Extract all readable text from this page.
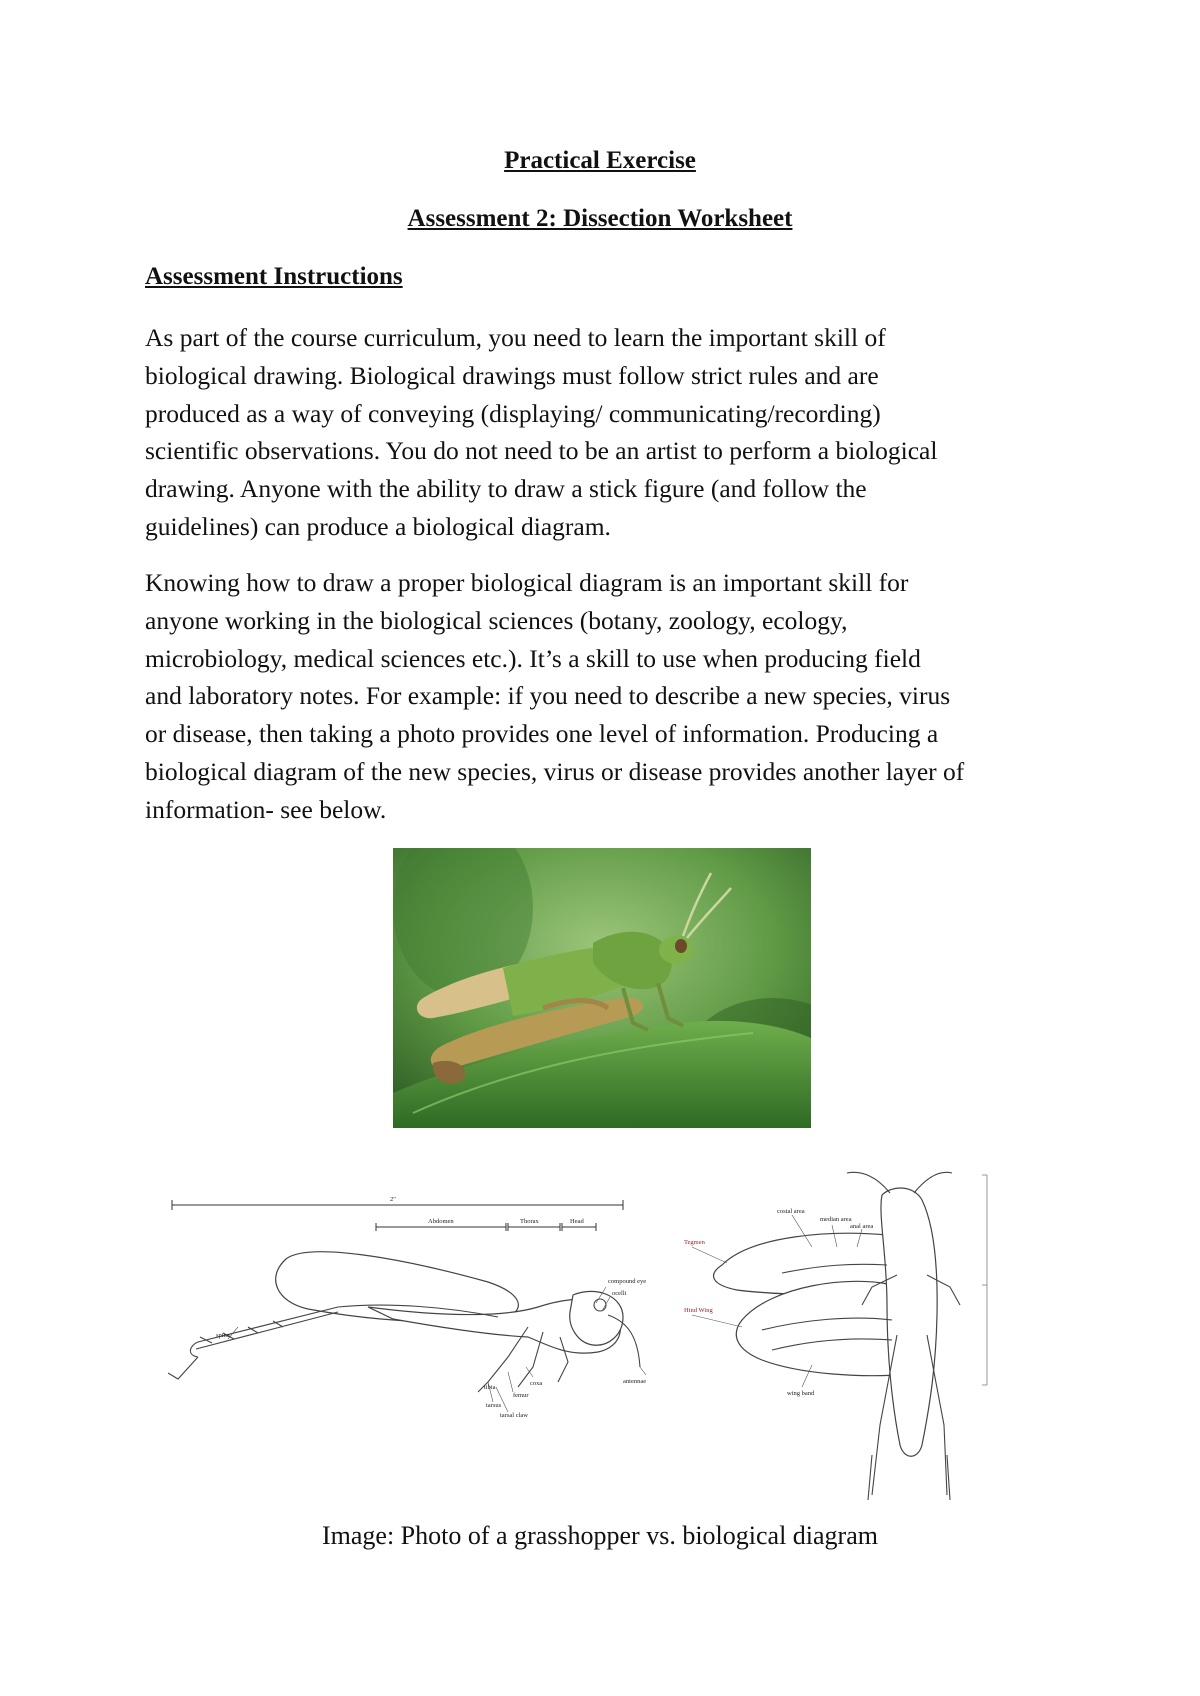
Practical Exercise
Assessment 2: Dissection Worksheet
Assessment Instructions

As part of the course curriculum, you need to learn the important skill of
biological drawing. Biological drawings must follow strict rules and are
produced as a way of conveying (displaying/ communicating/recording)
scientific observations. You do not need to be an artist to perform a biological
drawing. Anyone with the ability to draw a stick figure (and follow the
guidelines) can produce a biological diagram.

Knowing how to draw a proper biological diagram is an important skill for
anyone working in the biological sciences (botany, zoology, ecology,
microbiology, medical sciences etc.). It’s a skill to use when producing field
and laboratory notes. For example: if you need to describe a new species, virus
or disease, then taking a photo provides one level of information. Producing a
biological diagram of the new species, virus or disease provides another layer of
information- see below.

2"
Abdomen	Thorax	Head
compound eye
ocelli
spine
tibia
coxa
femur
tarsus
tarsal claw
antennae
costal area
median area
anal area
Tegmen
Hind Wing
wing band
Image: Photo of a grasshopper vs. biological diagram
